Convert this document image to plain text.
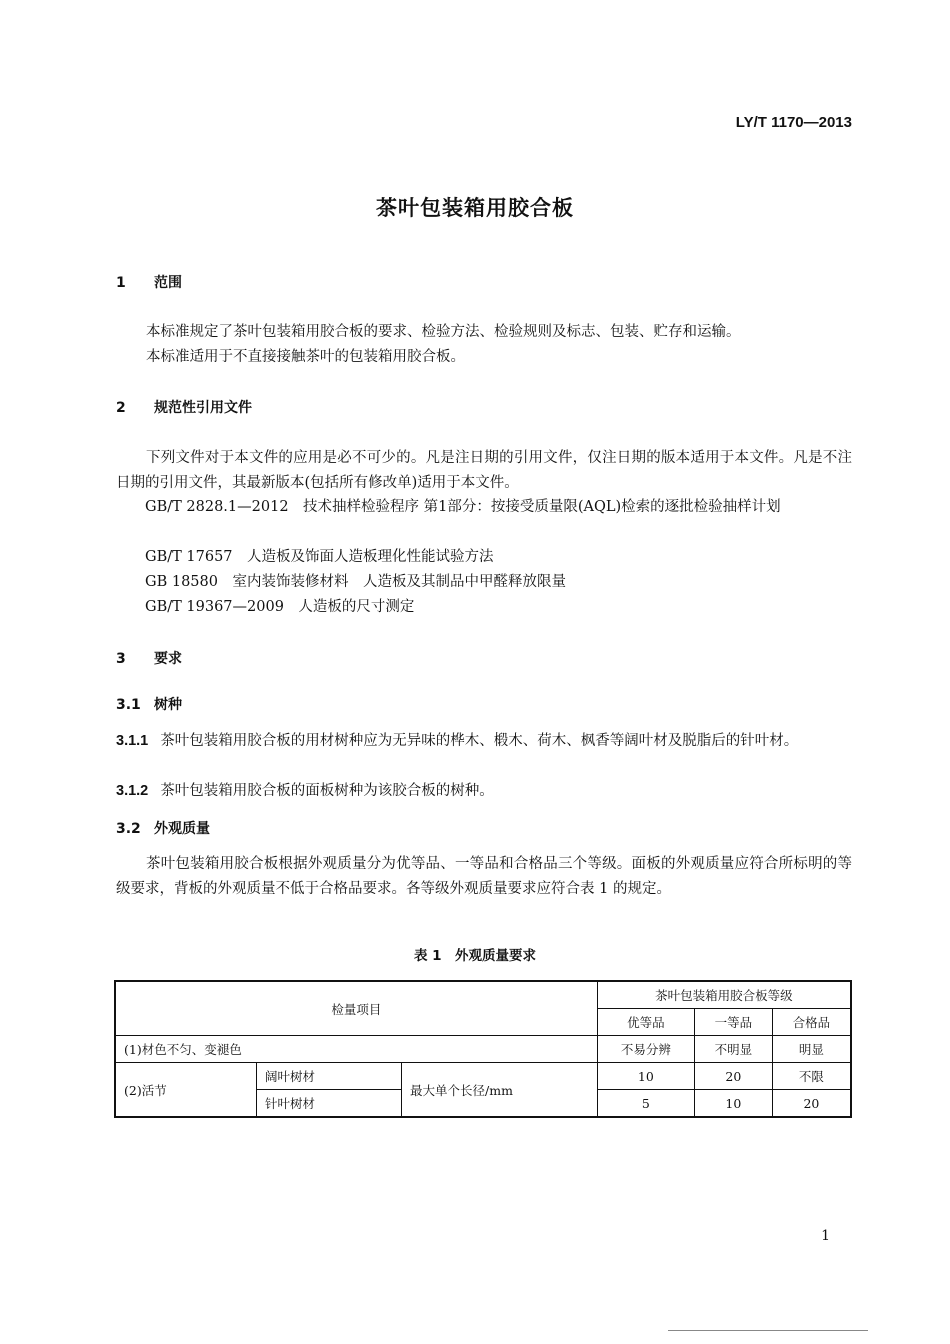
LY/T 1170—2013
茶叶包装箱用胶合板
1 范围
本标准规定了茶叶包装箱用胶合板的要求、检验方法、检验规则及标志、包装、贮存和运输。
本标准适用于不直接接触茶叶的包装箱用胶合板。
2 规范性引用文件
下列文件对于本文件的应用是必不可少的。凡是注日期的引用文件，仅注日期的版本适用于本文件。凡是不注日期的引用文件，其最新版本(包括所有修改单)适用于本文件。
GB/T 2828.1—2012　技术抽样检验程序 第1部分：按接受质量限(AQL)检索的逐批检验抽样计划
GB/T 17657　人造板及饰面人造板理化性能试验方法
GB 18580　室内装饰装修材料　人造板及其制品中甲醛释放限量
GB/T 19367—2009　人造板的尺寸测定
3 要求
3.1 树种
3.1.1 茶叶包装箱用胶合板的用材树种应为无异味的桦木、椴木、荷木、枫香等阔叶材及脱脂后的针叶材。
3.1.2 茶叶包装箱用胶合板的面板树种为该胶合板的树种。
3.2 外观质量
茶叶包装箱用胶合板根据外观质量分为优等品、一等品和合格品三个等级。面板的外观质量应符合所标明的等级要求，背板的外观质量不低于合格品要求。各等级外观质量要求应符合表 1 的规定。
表 1　外观质量要求
检量项目			茶叶包装箱用胶合板等级		
			优等品	一等品	合格品
(1)材色不匀、变褪色			不易分辨	不明显	明显
(2)活节	阔叶树材	最大单个长径/mm	10	20	不限
	针叶树材		5	10	20
1
